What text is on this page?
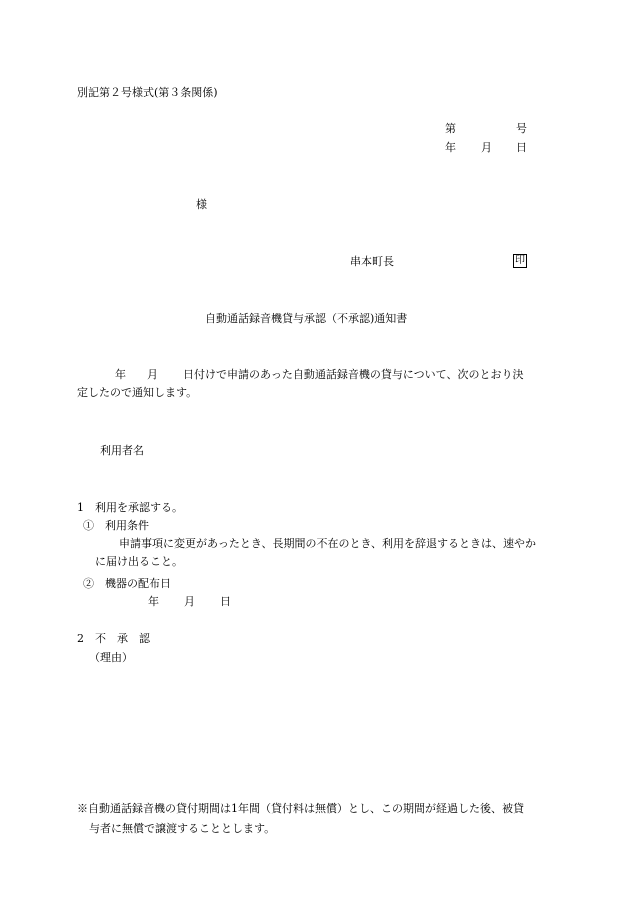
別記第２号様式(第３条関係)
第	号
年 月 日
様
串本町長	印
自動通話録音機貸与承認（不承認)通知書
年 月 日付けで申請のあった自動通話録音機の貸与について、次のとおり決
定したので通知します。
利用者名
1　利用を承認する。
①　利用条件
申請事項に変更があったとき、長期間の不在のとき、利用を辞退するときは、速やか
に届け出ること。
②　機器の配布日
年 月 日
2　不　承　認
（理由）
※自動通話録音機の貸付期間は1年間（貸付料は無償）とし、この期間が経過した後、被貸
与者に無償で譲渡することとします。
